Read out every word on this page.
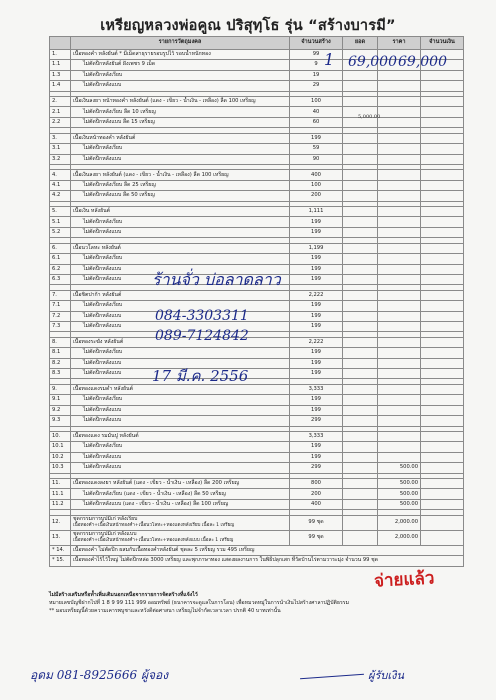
เหรียญหลวงพ่อคูณ ปริสุทฺโธ รุ่น “สร้างบารมี”
	รายการวัตถุมงคล	จำนวนสร้าง	ยอด	ราคา	จำนวนเงิน
1.	เนื้อทองคำ หลังยันต์ * มีเม็ดสาธุรายรอบรูปไว้ รอบน้ำหนักทอง	99			
1.1	ไม่ตัดปีกหลังยันต์ ฝังเพชร 9 เม็ด	9			
1.3	ไม่ตัดปีกหลังเรียบ	19			
1.4	ไม่ตัดปีกหลังแบบ	29			

2.	เนื้อเงินลงยา หน้าทองคำ หลังยันต์ (แดง - เขียว - น้ำเงิน - เหลือง) ลืด 100 เหรียญ	100			
2.1	ไม่ตัดปีกหลังเรียบ ลืด 10 เหรียญ	40			
2.2	ไม่ตัดปีกหลังแบบ ลืด 15 เหรียญ	60			

3.	เนื้อเงินหน้าทองคำ หลังยันต์	199			
3.1	ไม่ตัดปีกหลังเรียบ	59			
3.2	ไม่ตัดปีกหลังแบบ	90			

4.	เนื้อเงินลงยา หลังยันต์ (แดง - เขียว - น้ำเงิน - เหลือง) ลืด 100 เหรียญ	400			
4.1	ไม่ตัดปีกหลังเรียบ ลืด 25 เหรียญ	100			
4.2	ไม่ตัดปีกหลังแบบ ลืด 50 เหรียญ	200			

5.	เนื้อเงิน หลังยันต์	1,111			
5.1	ไม่ตัดปีกหลังเรียบ	199			
5.2	ไม่ตัดปีกหลังแบบ	199			

6.	เนื้อนวโลหะ หลังยันต์	1,199			
6.1	ไม่ตัดปีกหลังเรียบ	199			
6.2	ไม่ตัดปีกหลังแบบ	199			
6.3	ไม่ตัดปีกหลังแบบ	199			

7.	เนื้อชิตปาก้า หลังยันต์	2,222			
7.1	ไม่ตัดปีกหลังเรียบ	199			
7.2	ไม่ตัดปีกหลังแบบ	199			
7.3	ไม่ตัดปีกหลังแบบ	199			

8.	เนื้อทองระฆัง หลังยันต์	2,222			
8.1	ไม่ตัดปีกหลังเรียบ	199			
8.2	ไม่ตัดปีกหลังแบบ	199			
8.3	ไม่ตัดปีกหลังแบบ	199			

9.	เนื้อทองแดงรมดำ หลังยันต์	3,333			
9.1	ไม่ตัดปีกหลังเรียบ	199			
9.2	ไม่ตัดปีกหลังแบบ	199			
9.3	ไม่ตัดปีกหลังแบบ	299			

10.	เนื้อทองแดง รมมันปู หลังยันต์	3,333			
10.1	ไม่ตัดปีกหลังเรียบ	199			
10.2	ไม่ตัดปีกหลังแบบ	199			
10.3	ไม่ตัดปีกหลังแบบ	299		500.00	

11.	เนื้อทองแดงลงยา หลังยันต์ (แดง - เขียว - น้ำเงิน - เหลือง) ลืด 200 เหรียญ	800		500.00	
11.1	ไม่ตัดปีกหลังเรียบ (แดง - เขียว - น้ำเงิน - เหลือง) ลืด 50 เหรียญ	200		500.00	
11.2	ไม่ตัดปีกหลังแบบ (แดง - เขียว - น้ำเงิน - เหลือง) ลืด 100 เหรียญ	400		500.00	

12.	ชุดกรรมการบูปมีเก่ หลังเรียบ
เนื้อทองคำ+เนื้อเงินหน้าทองคำ+เนื้อนวโลหะ+ทองแดงหลังเรียบ เนื้อละ 1 เหรียญ	99 ชุด		2,000.00	
13.	ชุดกรรมการบูปมีเก่ หลังแบบ
เนื้อทองคำ+เนื้อเงินหน้าทองคำ+เนื้อนวโลหะ+ทองแดงหลังแบบ เนื้อละ 1 เหรียญ	99 ชุด		2,000.00	
* 14.	เนื้อทองคำ ไม่ตัดปีก ผสมกับเนื้อทองคำหลังยันต์ ชุดละ 5 เหรียญ รวม 495 เหรียญ				
* 15.	เนื้อทองคำไร้ไว้ใหญ่ ไม่ตัดปีกหล่อ 3000 เหรียญ และพุกภาษาทอง แสดงผลงานการ ในพิธีปลุกเสก ที่วัดบ้านไร่ตามวาระมุ่ง จำนวน 99 ชุด				
1 69,000 69,000
5,000.00
ร้านจั่ว บ่อลาดลาว
084-3303311
089-7124842
17 มี.ค. 2556
จ่ายแล้ว
ไม่มีสร้างเสริมหรือท้ำเพิ่มเติมนอกเหนือจากรายการจัดสร้างที่แจ้งไว้
หมายเลขบัญชีฝากไปที่ 1 8 9 99 111 999 ออมทรัพย์ (ธนาคารจะดูแลในการโอน) เพื่อหมวดหมู่ในการนำเงินไปสร้างศาลาปฏิบัติธรรม
** มอบเหรียญนี้ด้วยความเคารพบูชาและหวังดีต่อศาสนา เหรียญไม่จำกัดเวลาเวลา ปรกติ 40 บาทเท่านั้น
อุดม 081-8925666 ผู้จอง	ผู้รับเงิน
